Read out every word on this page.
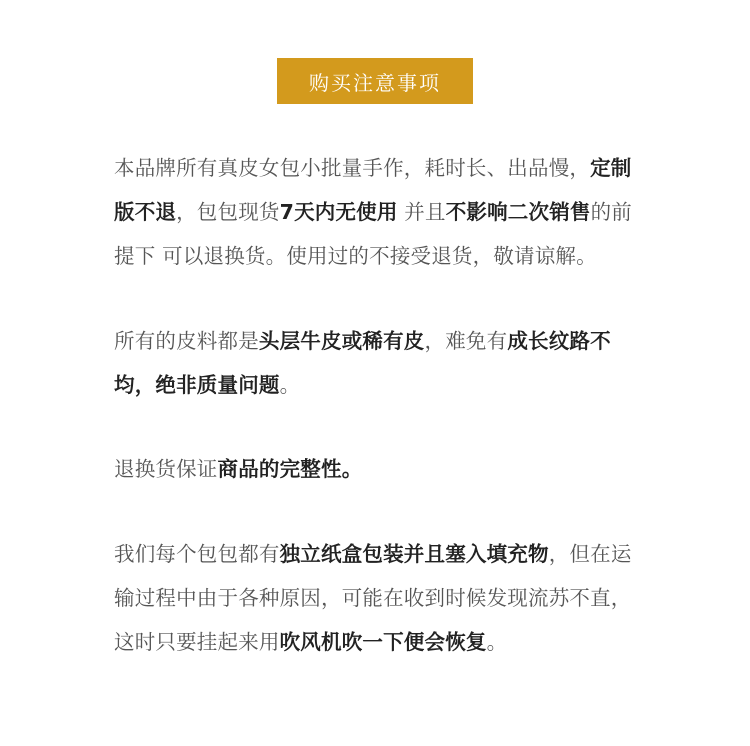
购买注意事项

本品牌所有真皮女包小批量手作，耗时长、出品慢，定制版不退，包包现货7天内无使用 并且不影响二次销售的前提下 可以退换货。使用过的不接受退货，敬请谅解。

所有的皮料都是头层牛皮或稀有皮，难免有成长纹路不均，绝非质量问题。

退换货保证商品的完整性。

我们每个包包都有独立纸盒包装并且塞入填充物，但在运输过程中由于各种原因，可能在收到时候发现流苏不直，这时只要挂起来用吹风机吹一下便会恢复。
